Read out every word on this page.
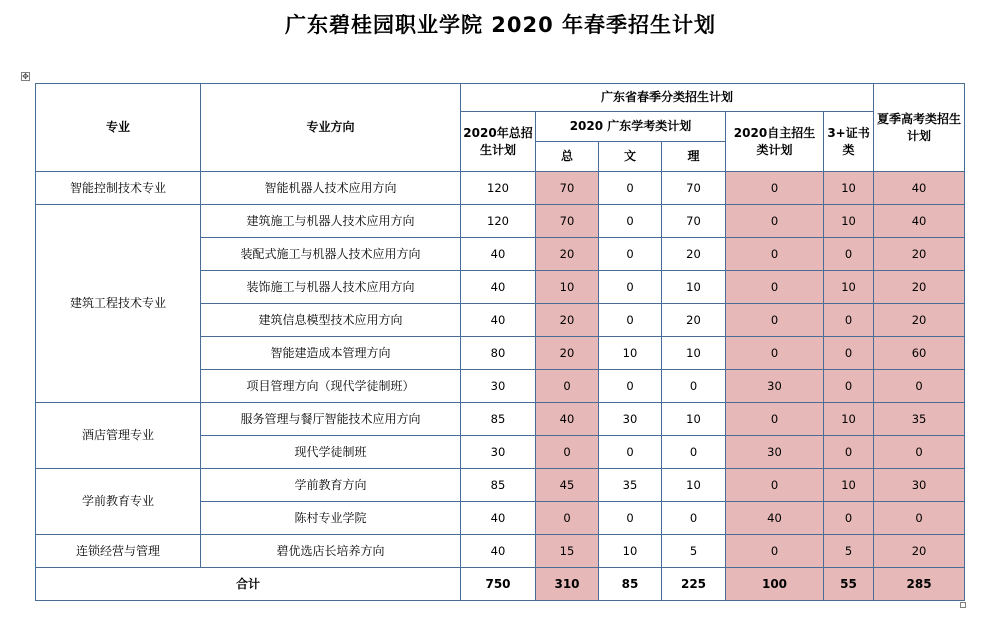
广东碧桂园职业学院 2020 年春季招生计划
✥
专业	专业方向	广东省春季分类招生计划						夏季高考类招生计划
		2020年总招生计划	2020 广东学考类计划			2020自主招生类计划	3+证书类	
			总	文	理			
智能控制技术专业	智能机器人技术应用方向	120	70	0	70	0	10	40
建筑工程技术专业	建筑施工与机器人技术应用方向	120	70	0	70	0	10	40
	装配式施工与机器人技术应用方向	40	20	0	20	0	0	20
	装饰施工与机器人技术应用方向	40	10	0	10	0	10	20
	建筑信息模型技术应用方向	40	20	0	20	0	0	20
	智能建造成本管理方向	80	20	10	10	0	0	60
	项目管理方向（现代学徒制班）	30	0	0	0	30	0	0
酒店管理专业	服务管理与餐厅智能技术应用方向	85	40	30	10	0	10	35
	现代学徒制班	30	0	0	0	30	0	0
学前教育专业	学前教育方向	85	45	35	10	0	10	30
	陈村专业学院	40	0	0	0	40	0	0
连锁经营与管理	碧优选店长培养方向	40	15	10	5	0	5	20
合计		750	310	85	225	100	55	285
